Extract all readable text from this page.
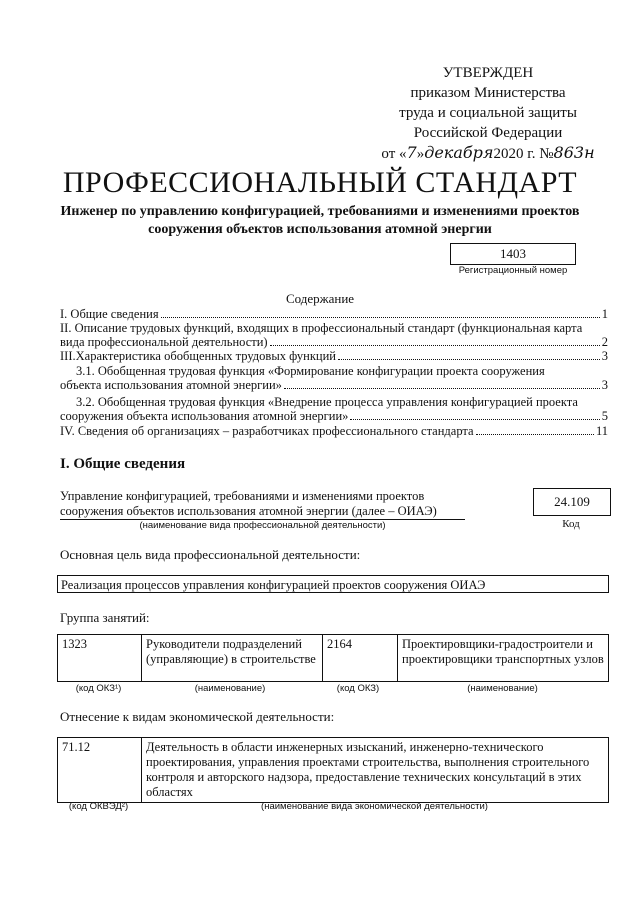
УТВЕРЖДЕН
приказом Министерства
труда и социальной защиты
Российской Федерации
от «7»декабря2020 г. №863н
ПРОФЕССИОНАЛЬНЫЙ СТАНДАРТ
Инженер по управлению конфигурацией, требованиями и изменениями проектов сооружения объектов использования атомной энергии
1403
Регистрационный номер
Содержание
I. Общие сведения	1
II. Описание трудовых функций, входящих в профессиональный стандарт (функциональная карта
вида профессиональной деятельности)	2
III.Характеристика обобщенных трудовых функций	3
3.1. Обобщенная трудовая функция «Формирование конфигурации проекта сооружения
объекта использования атомной энергии»	3
3.2. Обобщенная трудовая функция «Внедрение процесса управления конфигурацией проекта
сооружения объекта использования атомной энергии»	5
IV. Сведения об организациях – разработчиках профессионального стандарта	11
I. Общие сведения
Управление конфигурацией, требованиями и изменениями проектов сооружения объектов использования атомной энергии (далее – ОИАЭ)
(наименование вида профессиональной деятельности)
24.109
Код
Основная цель вида профессиональной деятельности:
Реализация процессов управления конфигурацией проектов сооружения ОИАЭ
Группа занятий:
1323	Руководители подразделений (управляющие) в строительстве	2164	Проектировщики-градостроители и проектировщики транспортных узлов
(код ОКЗ¹)	(наименование)	(код ОКЗ)	(наименование)
Отнесение к видам экономической деятельности:
71.12	Деятельность в области инженерных изысканий, инженерно-технического проектирования, управления проектами строительства, выполнения строительного контроля и авторского надзора, предоставление технических консультаций в этих областях
(код ОКВЭД²)	(наименование вида экономической деятельности)
